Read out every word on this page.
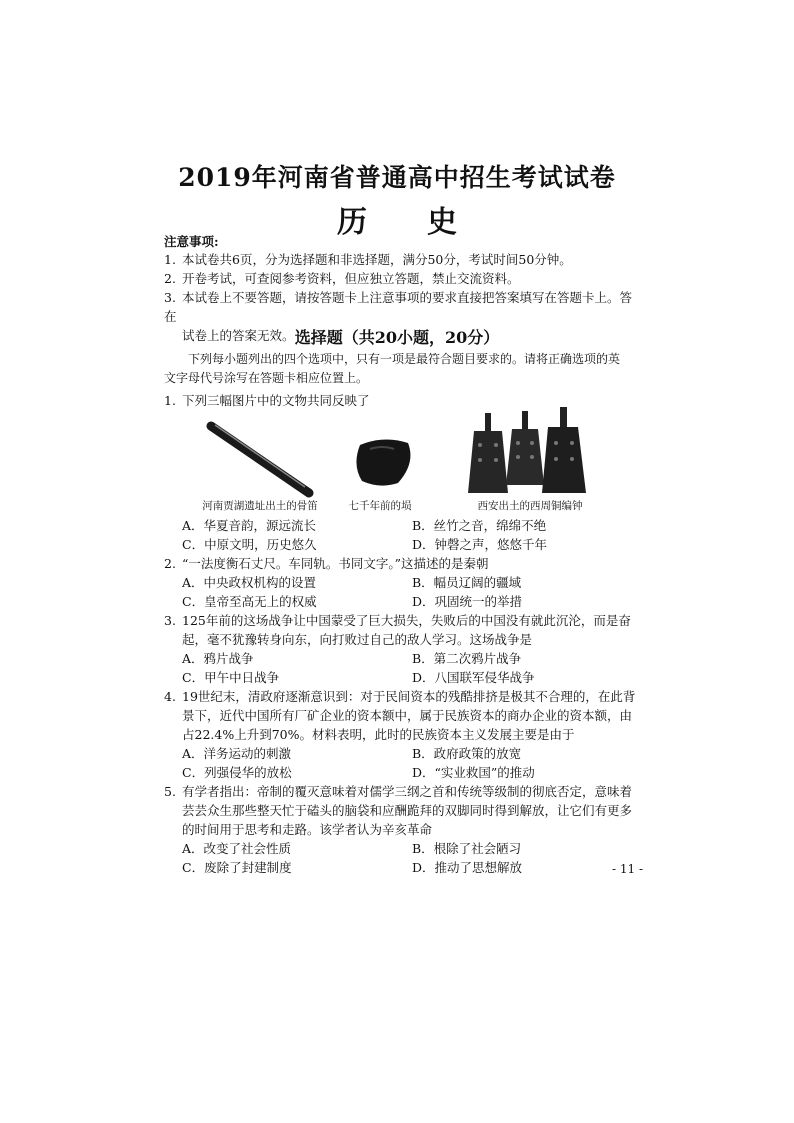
2019年河南省普通高中招生考试试卷
历 史
注意事项:
1. 本试卷共6页，分为选择题和非选择题，满分50分，考试时间50分钟。
2. 开卷考试，可查阅参考资料，但应独立答题，禁止交流资料。
3. 本试卷上不要答题，请按答题卡上注意事项的要求直接把答案填写在答题卡上。答在
试卷上的答案无效。 选择题（共20小题，20分）
下列每小题列出的四个选项中，只有一项是最符合题目要求的。请将正确选项的英
文字母代号涂写在答题卡相应位置上。
1. 下列三幅图片中的文物共同反映了
河南贾湖遗址出土的骨笛	七千年前的埙	西安出土的西周铜编钟
A．华夏音韵，源远流长	B．丝竹之音，绵绵不绝
C．中原文明，历史悠久	D．钟磬之声，悠悠千年
2. “一法度衡石丈尺。车同轨。书同文字。”这描述的是秦朝
A．中央政权机构的设置	B．幅员辽阔的疆域
C．皇帝至高无上的权威	D．巩固统一的举措
3. 125年前的这场战争让中国蒙受了巨大损失，失败后的中国没有就此沉沦，而是奋
起，毫不犹豫转身向东，向打败过自己的敌人学习。这场战争是
A．鸦片战争	B．第二次鸦片战争
C．甲午中日战争	D．八国联军侵华战争
4. 19世纪末，清政府逐渐意识到：对于民间资本的残酷排挤是极其不合理的，在此背
景下，近代中国所有厂矿企业的资本额中，属于民族资本的商办企业的资本额，由
占22.4%上升到70%。材料表明，此时的民族资本主义发展主要是由于
A．洋务运动的刺激	B．政府政策的放宽
C．列强侵华的放松	D．“实业救国”的推动
5. 有学者指出：帝制的覆灭意味着对儒学三纲之首和传统等级制的彻底否定，意味着
芸芸众生那些整天忙于磕头的脑袋和应酬跪拜的双脚同时得到解放，让它们有更多
的时间用于思考和走路。该学者认为辛亥革命
A．改变了社会性质	B．根除了社会陋习
C．废除了封建制度	D．推动了思想解放	- 11 -
